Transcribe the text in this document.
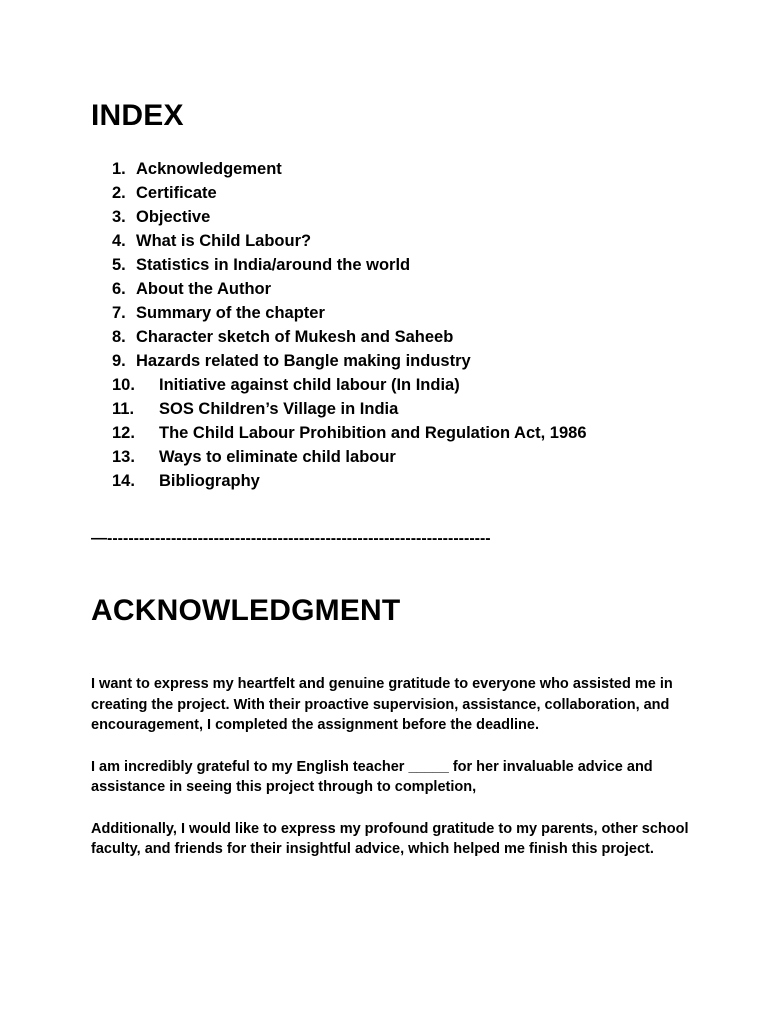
INDEX
1. Acknowledgement
2. Certificate
3. Objective
4. What is Child Labour?
5. Statistics in India/around the world
6. About the Author
7. Summary of the chapter
8. Character sketch of Mukesh and Saheeb
9. Hazards related to Bangle making industry
10.	Initiative against child labour (In India)
11.	SOS Children’s Village in India
12.	The Child Labour Prohibition and Regulation Act, 1986
13.	Ways to eliminate child labour
14.	Bibliography
—------------------------------------------------------------------------
ACKNOWLEDGMENT

I want to express my heartfelt and genuine gratitude to everyone who assisted me in creating the project. With their proactive supervision, assistance, collaboration, and encouragement, I completed the assignment before the deadline.

I am incredibly grateful to my English teacher _____ for her invaluable advice and assistance in seeing this project through to completion,

Additionally, I would like to express my profound gratitude to my parents, other school faculty, and friends for their insightful advice, which helped me finish this project.
